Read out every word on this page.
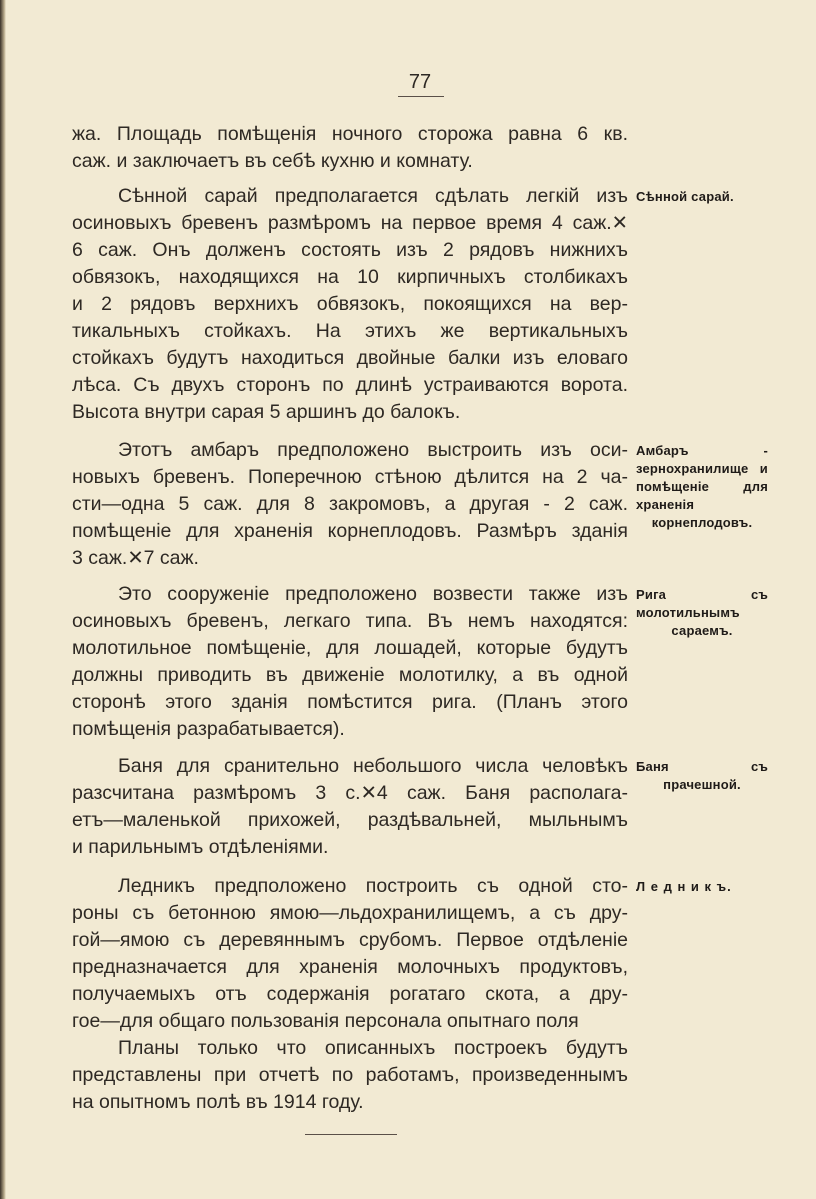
77
жа. Площадь помѣщенія ночного сторожа равна 6 кв.
саж. и заключаетъ въ себѣ кухню и комнату.
Сѣнной сарай предполагается сдѣлать легкій изъ
осиновыхъ бревенъ размѣромъ на первое время 4 саж.✕
6 саж. Онъ долженъ состоять изъ 2 рядовъ нижнихъ
обвязокъ, находящихся на 10 кирпичныхъ столбикахъ
и 2 рядовъ верхнихъ обвязокъ, покоящихся на вер-
тикальныхъ стойкахъ. На этихъ же вертикальныхъ
стойкахъ будутъ находиться двойные балки изъ еловаго
лѣса. Съ двухъ сторонъ по длинѣ устраиваются ворота.
Высота внутри сарая 5 аршинъ до балокъ.
Этотъ амбаръ предположено выстроить изъ оси-
новыхъ бревенъ. Поперечною стѣною дѣлится на 2 ча-
сти—одна 5 саж. для 8 закромовъ, а другая - 2 саж.
помѣщеніе для храненія корнеплодовъ. Размѣръ зданія
3 саж.✕7 саж.
Это сооруженіе предположено возвести также изъ
осиновыхъ бревенъ, легкаго типа. Въ немъ находятся:
молотильное помѣщеніе, для лошадей, которые будутъ
должны приводить въ движеніе молотилку, а въ одной
сторонѣ этого зданія помѣстится рига. (Планъ этого
помѣщенія разрабатывается).
Баня для сранительно небольшого числа человѣкъ
разсчитана размѣромъ 3 с.✕4 саж. Баня располага-
етъ—маленькой прихожей, раздѣвальней, мыльнымъ
и парильнымъ отдѣленіями.
Ледникъ предположено построить съ одной сто-
роны съ бетонною ямою—льдохранилищемъ, а съ дру-
гой—ямою съ деревяннымъ срубомъ. Первое отдѣленіе
предназначается для храненія молочныхъ продуктовъ,
получаемыхъ отъ содержанія рогатаго скота, а дру-
гое—для общаго пользованія персонала опытнаго поля
Планы только что описанныхъ построекъ будутъ
представлены при отчетѣ по работамъ, произведеннымъ
на опытномъ полѣ въ 1914 году.
Сѣнной сарай.
Амбаръ - зернохранилище и помѣщеніе для храненія корнеплодовъ.
Рига съ молотильнымъ сараемъ.
Баня съ прачешной.
Л е д н и к ъ.
